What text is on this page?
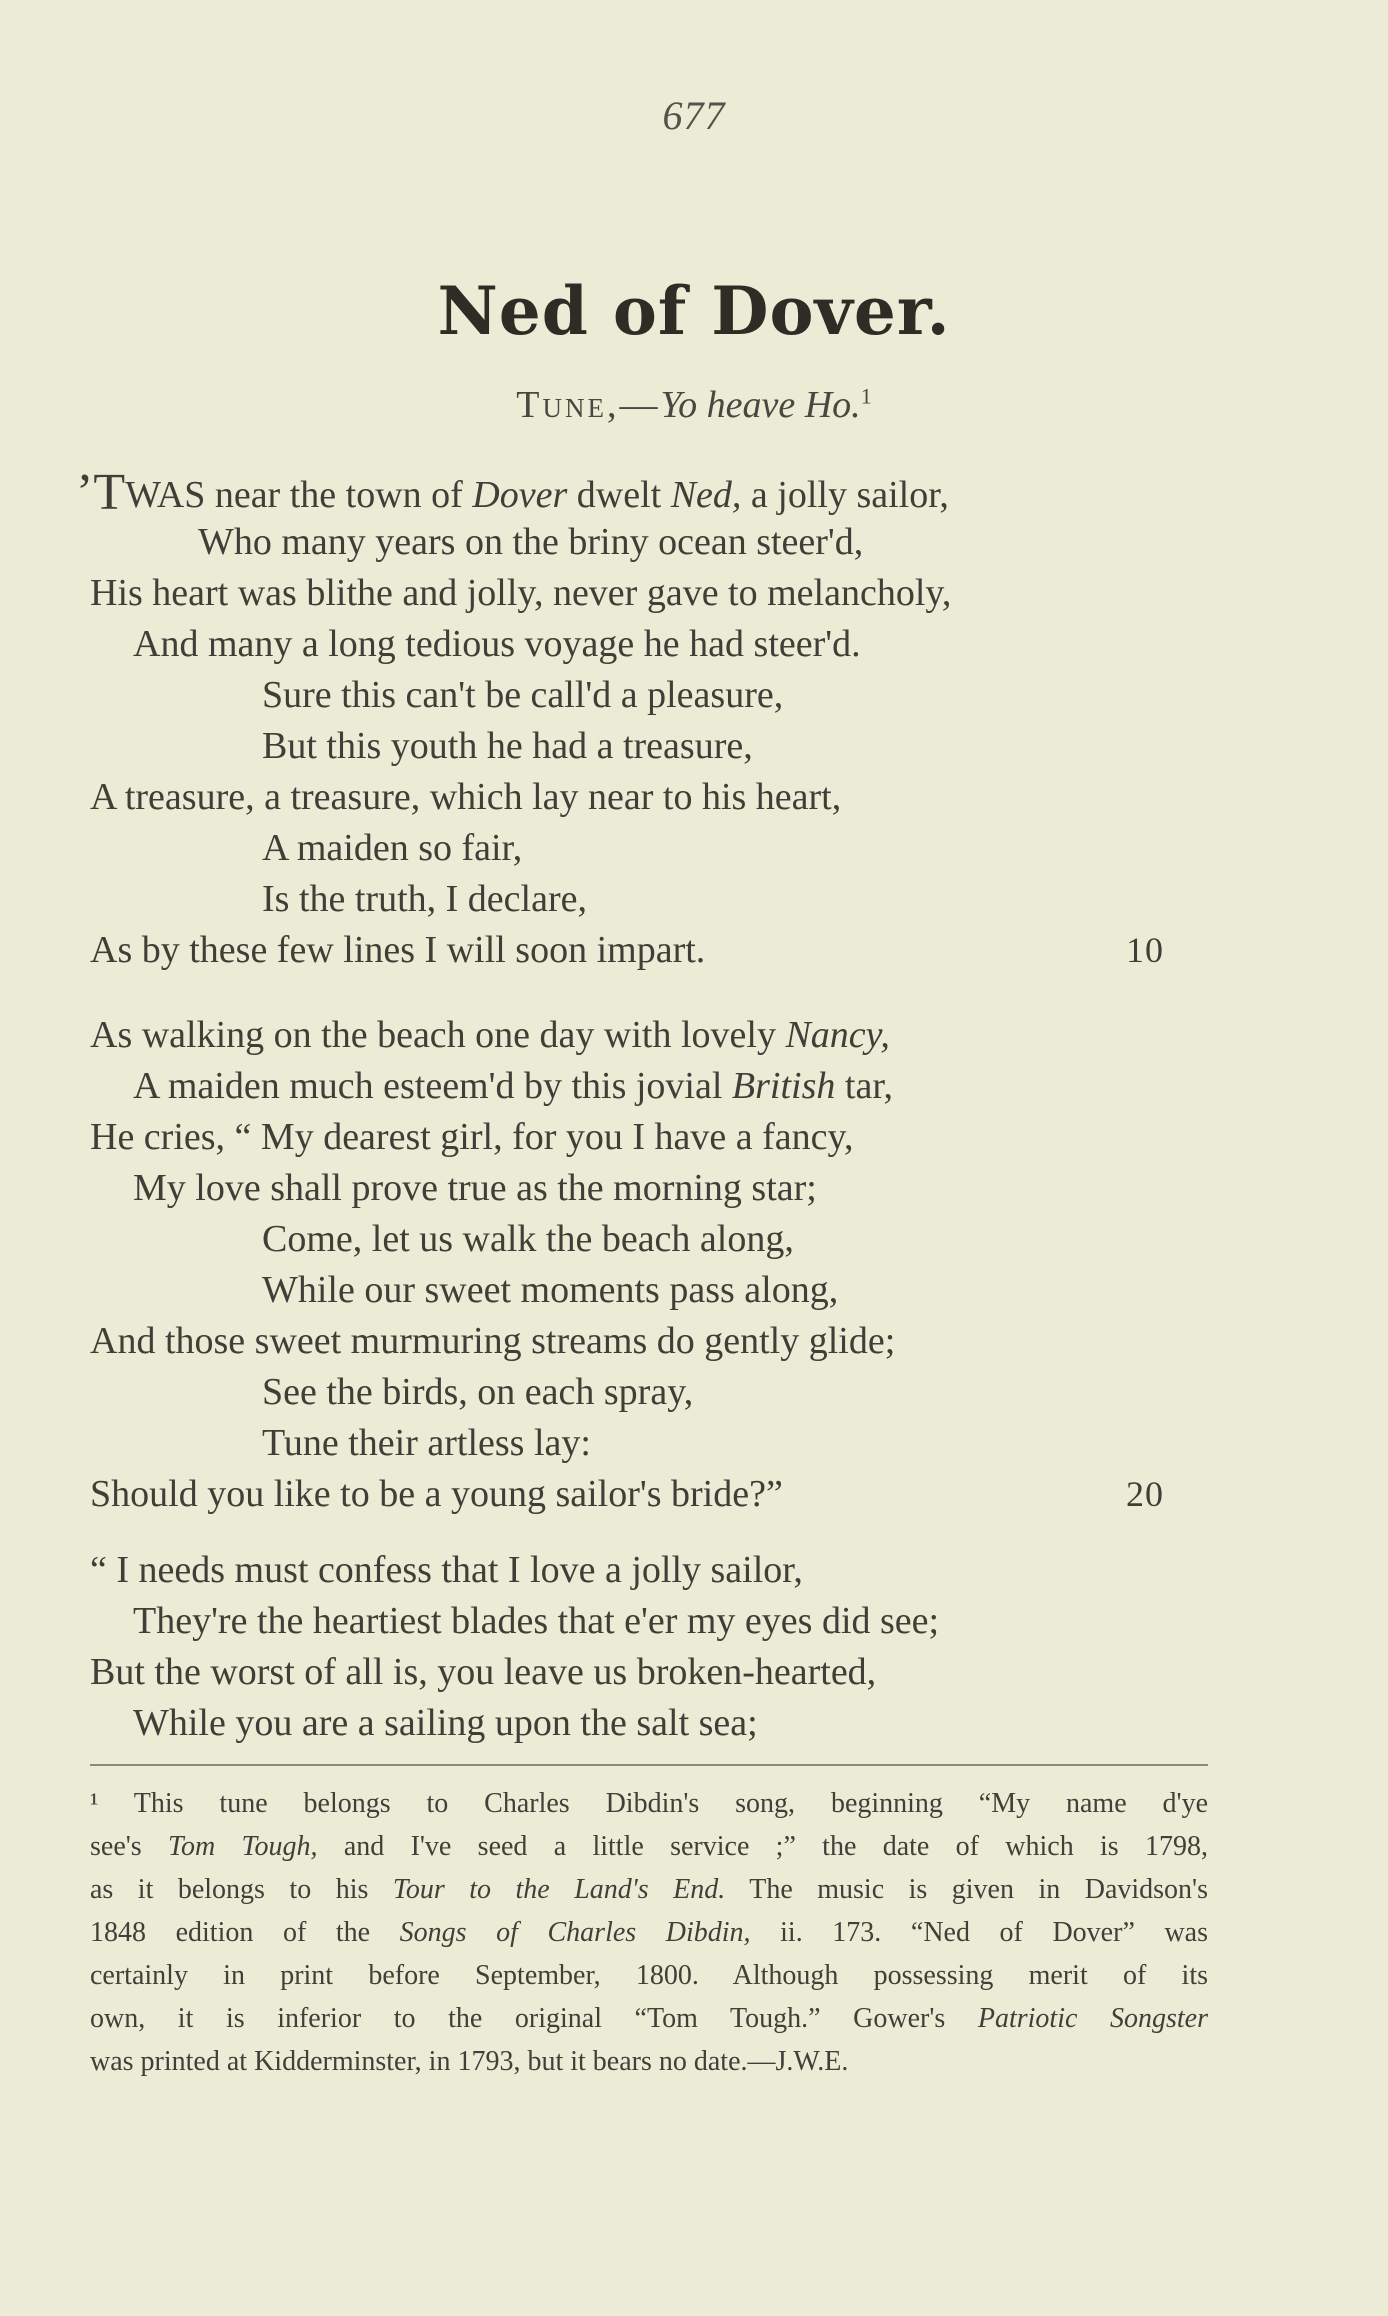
677
Ned of Dover.
Tune,—Yo heave Ho.$^1$
’TWAS near the town of Dover dwelt Ned, a jolly sailor,
Who many years on the briny ocean steer'd,
His heart was blithe and jolly, never gave to melancholy,
And many a long tedious voyage he had steer'd.
Sure this can't be call'd a pleasure,
But this youth he had a treasure,
A treasure, a treasure, which lay near to his heart,
A maiden so fair,
Is the truth, I declare,
As by these few lines I will soon impart.	10
As walking on the beach one day with lovely Nancy,
A maiden much esteem'd by this jovial British tar,
He cries, “ My dearest girl, for you I have a fancy,
My love shall prove true as the morning star;
Come, let us walk the beach along,
While our sweet moments pass along,
And those sweet murmuring streams do gently glide;
See the birds, on each spray,
Tune their artless lay:
Should you like to be a young sailor's bride?”	20
“ I needs must confess that I love a jolly sailor,
They're the heartiest blades that e'er my eyes did see;
But the worst of all is, you leave us broken-hearted,
While you are a sailing upon the salt sea;
¹ This tune belongs to Charles Dibdin's song, beginning “My name d'ye
see's Tom Tough, and I've seed a little service ;” the date of which is 1798,
as it belongs to his Tour to the Land's End. The music is given in Davidson's
1848 edition of the Songs of Charles Dibdin, ii. 173. “Ned of Dover” was
certainly in print before September, 1800. Although possessing merit of its
own, it is inferior to the original “Tom Tough.” Gower's Patriotic Songster
was printed at Kidderminster, in 1793, but it bears no date.—J.W.E.
